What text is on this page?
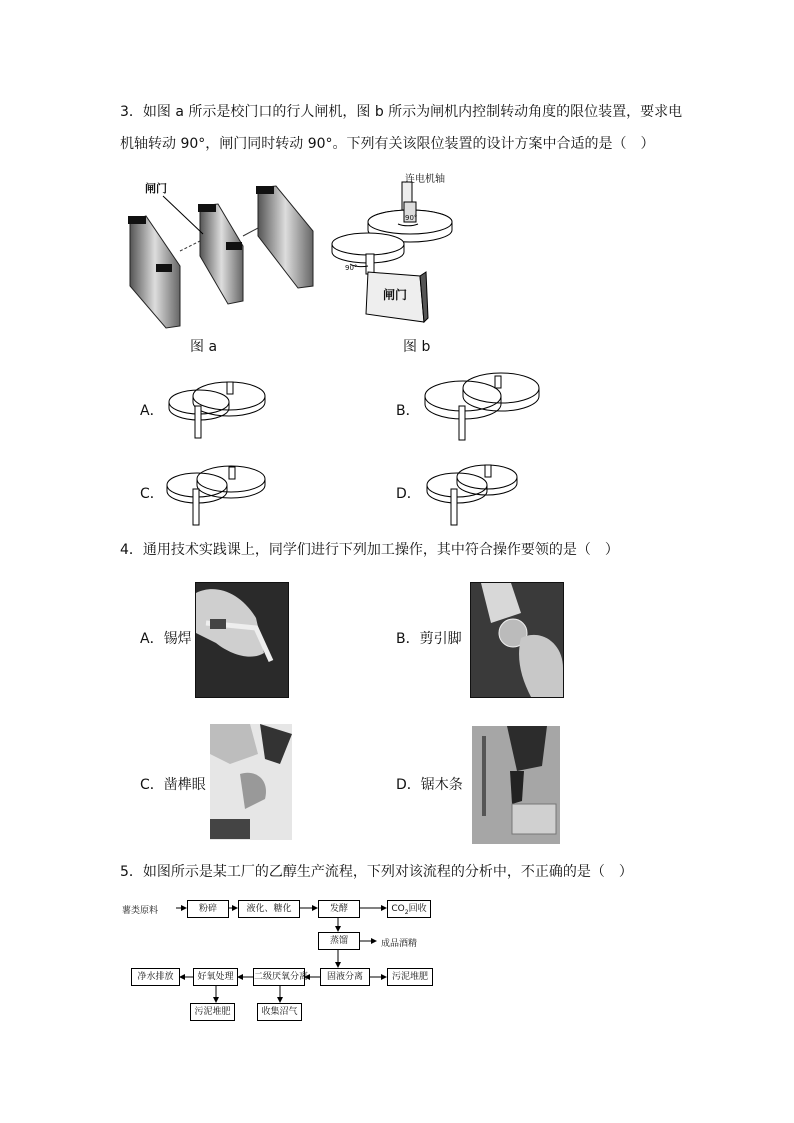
3．如图 a 所示是校门口的行人闸机，图 b 所示为闸机内控制转动角度的限位装置，要求电
机轴转动 90°，闸门同时转动 90°。下列有关该限位装置的设计方案中合适的是（　）
闸门
图 a
连电机轴
90°
90°
闸门
图 b
A．	B．
C．	D．
4．通用技术实践课上，同学们进行下列加工操作，其中符合操作要领的是（　）
A．锡焊	B．剪引脚
C．凿榫眼	D．锯木条
5．如图所示是某工厂的乙醇生产流程，下列对该流程的分析中，不正确的是（　）
薯类原料	粉碎	液化、糖化	发酵	$CO_2$回收
蒸馏	成品酒精
固液分离	污泥堆肥
二级厌氧分离
好氧处理
净水排放
污泥堆肥	收集沼气
